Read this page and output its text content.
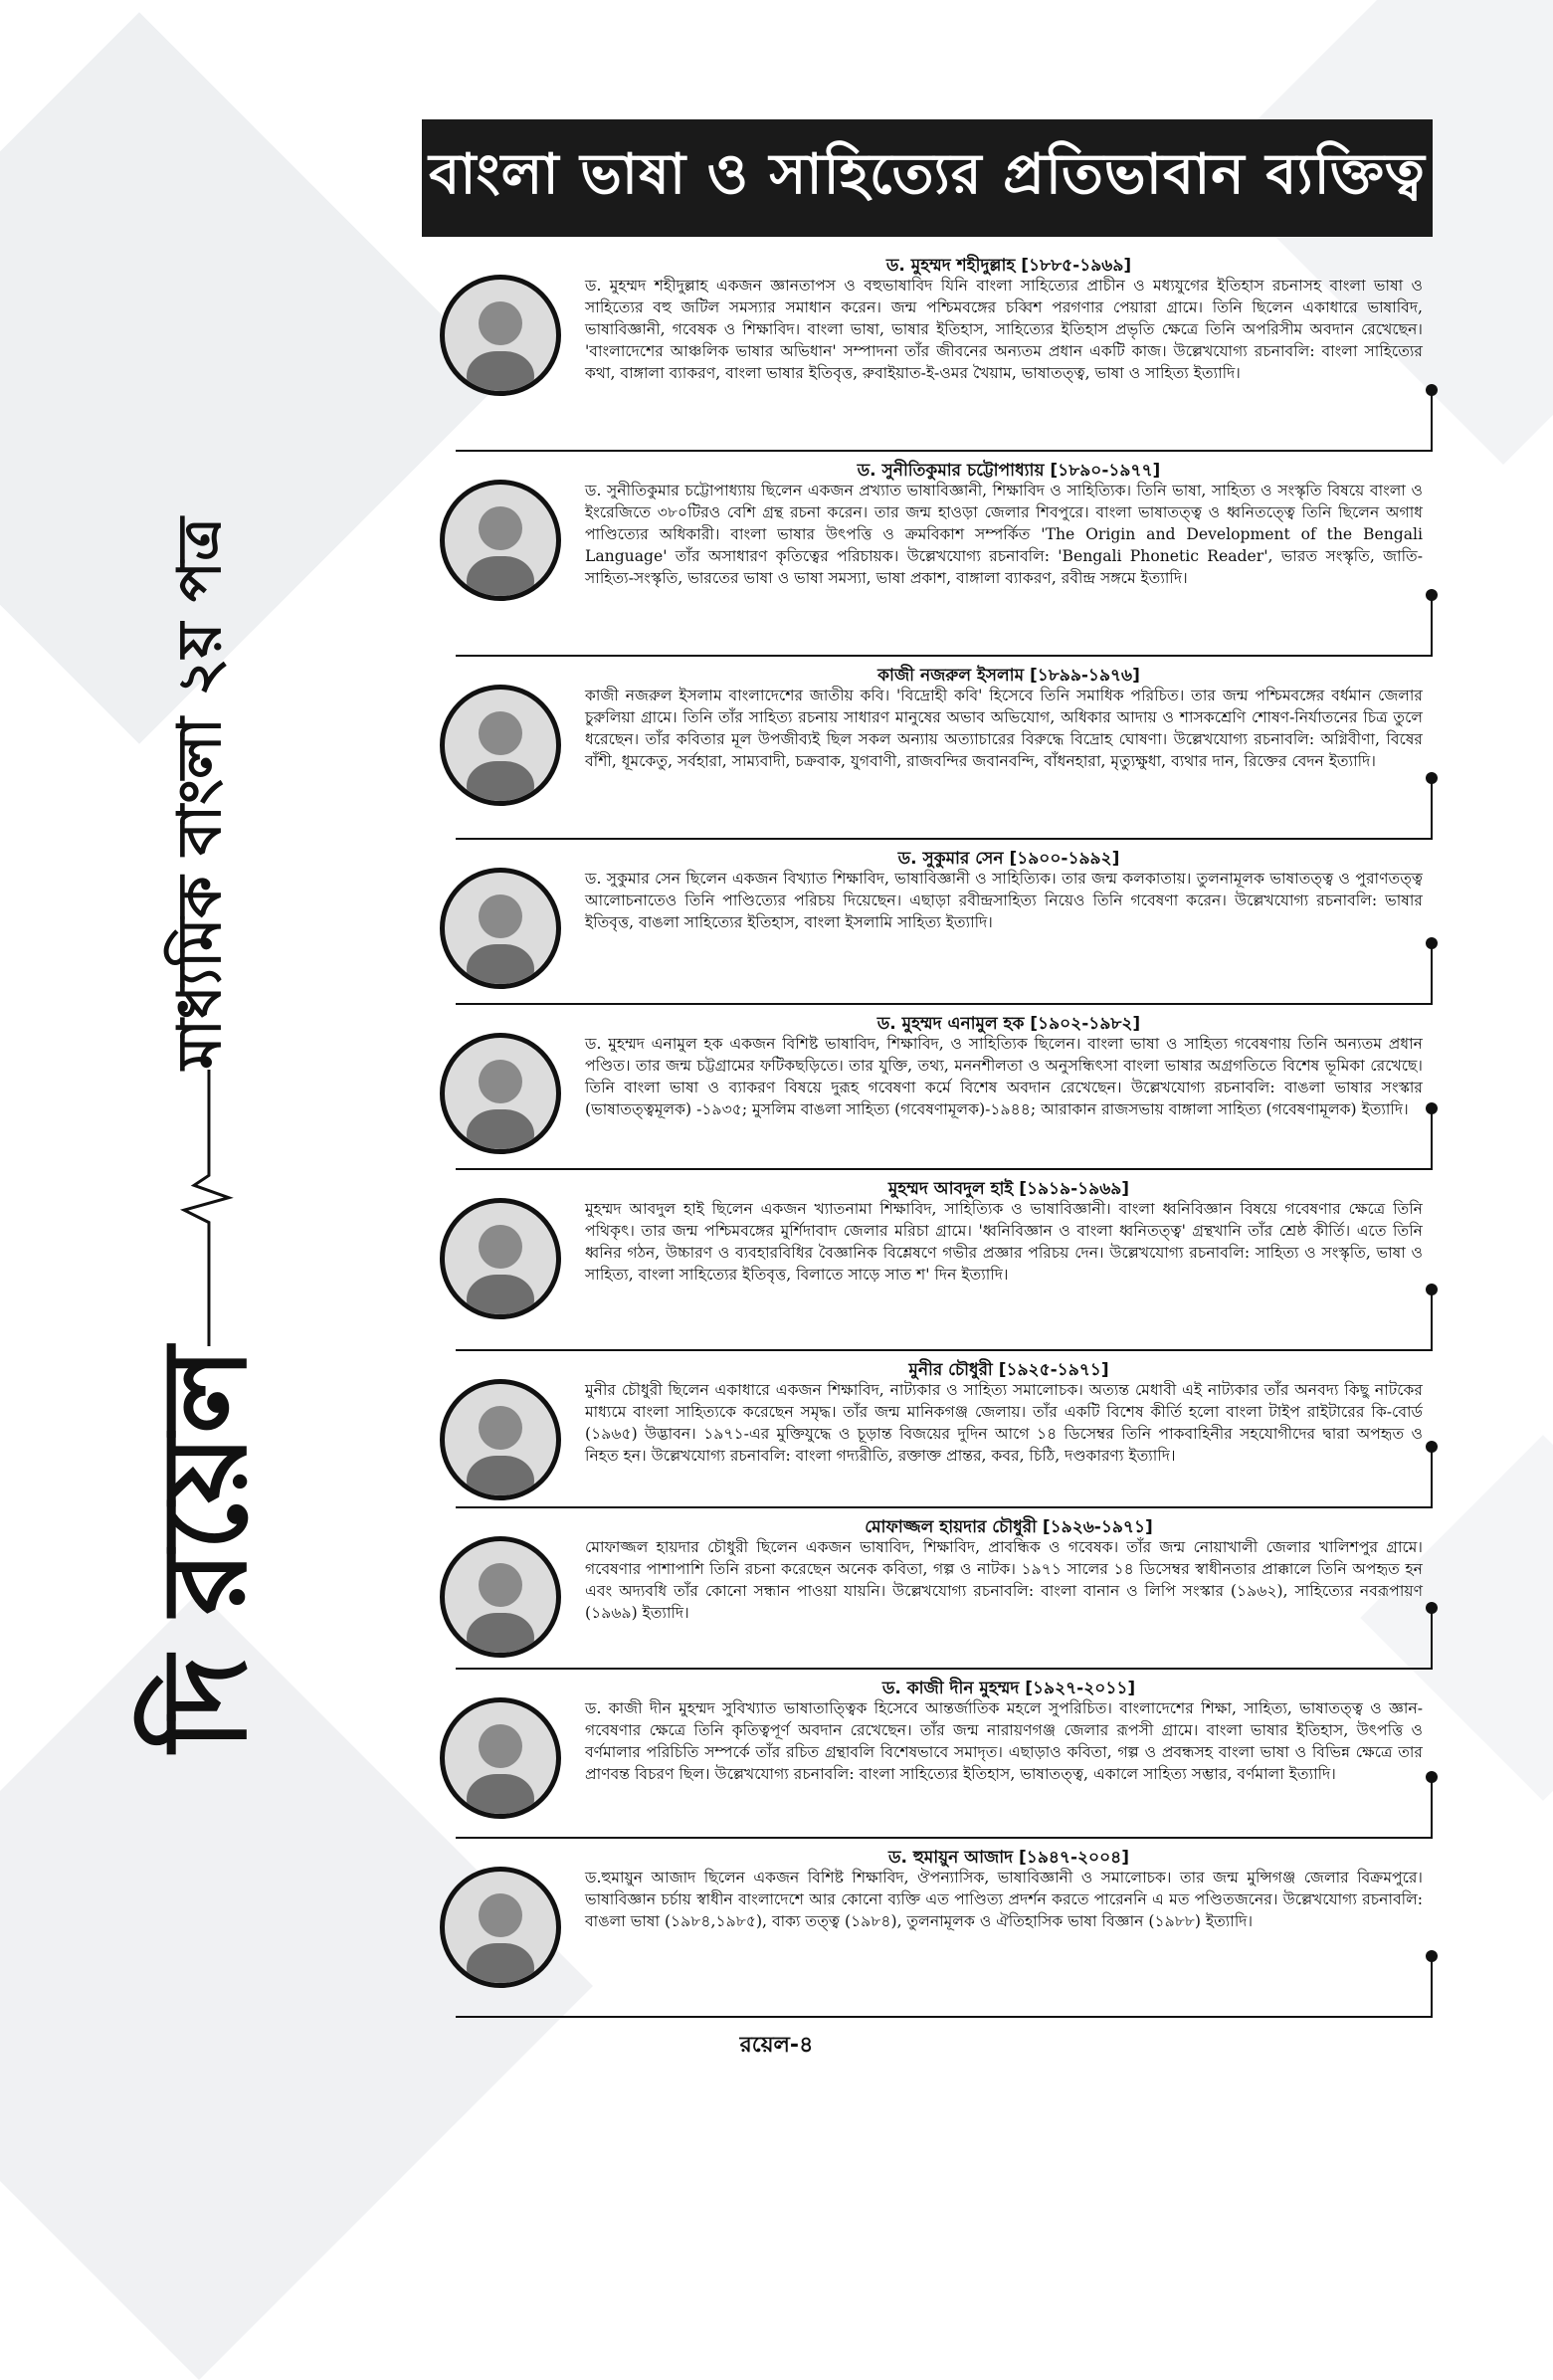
বাংলা ভাষা ও সাহিত্যের প্রতিভাবান ব্যক্তিত্ব
দি রয়েল
মাধ্যমিক বাংলা ২য় পত্র
ড. মুহম্মদ শহীদুল্লাহ [১৮৮৫-১৯৬৯]
ড. মুহম্মদ শহীদুল্লাহ একজন জ্ঞানতাপস ও বহুভাষাবিদ যিনি বাংলা সাহিত্যের প্রাচীন ও মধ্যযুগের ইতিহাস রচনাসহ বাংলা ভাষা ও সাহিত্যের বহু জটিল সমস্যার সমাধান করেন। জন্ম পশ্চিমবঙ্গের চব্বিশ পরগণার পেয়ারা গ্রামে। তিনি ছিলেন একাধারে ভাষাবিদ, ভাষাবিজ্ঞানী, গবেষক ও শিক্ষাবিদ। বাংলা ভাষা, ভাষার ইতিহাস, সাহিত্যের ইতিহাস প্রভৃতি ক্ষেত্রে তিনি অপরিসীম অবদান রেখেছেন। 'বাংলাদেশের আঞ্চলিক ভাষার অভিধান' সম্পাদনা তাঁর জীবনের অন্যতম প্রধান একটি কাজ। উল্লেখযোগ্য রচনাবলি: বাংলা সাহিত্যের কথা, বাঙ্গালা ব্যাকরণ, বাংলা ভাষার ইতিবৃত্ত, রুবাইয়াত-ই-ওমর খৈয়াম, ভাষাতত্ত্ব, ভাষা ও সাহিত্য ইত্যাদি।
ড. সুনীতিকুমার চট্টোপাধ্যায় [১৮৯০-১৯৭৭]
ড. সুনীতিকুমার চট্টোপাধ্যায় ছিলেন একজন প্রখ্যাত ভাষাবিজ্ঞানী, শিক্ষাবিদ ও সাহিত্যিক। তিনি ভাষা, সাহিত্য ও সংস্কৃতি বিষয়ে বাংলা ও ইংরেজিতে ৩৮০টিরও বেশি গ্রন্থ রচনা করেন। তার জন্ম হাওড়া জেলার শিবপুরে। বাংলা ভাষাতত্ত্ব ও ধ্বনিতত্ত্বে তিনি ছিলেন অগাধ পাণ্ডিত্যের অধিকারী। বাংলা ভাষার উৎপত্তি ও ক্রমবিকাশ সম্পর্কিত 'The Origin and Development of the Bengali Language' তাঁর অসাধারণ কৃতিত্বের পরিচায়ক। উল্লেখযোগ্য রচনাবলি: 'Bengali Phonetic Reader', ভারত সংস্কৃতি, জাতি-সাহিত্য-সংস্কৃতি, ভারতের ভাষা ও ভাষা সমস্যা, ভাষা প্রকাশ, বাঙ্গালা ব্যাকরণ, রবীন্দ্র সঙ্গমে ইত্যাদি।
কাজী নজরুল ইসলাম [১৮৯৯-১৯৭৬]
কাজী নজরুল ইসলাম বাংলাদেশের জাতীয় কবি। 'বিদ্রোহী কবি' হিসেবে তিনি সমাধিক পরিচিত। তার জন্ম পশ্চিমবঙ্গের বর্ধমান জেলার চুরুলিয়া গ্রামে। তিনি তাঁর সাহিত্য রচনায় সাধারণ মানুষের অভাব অভিযোগ, অধিকার আদায় ও শাসকশ্রেণি শোষণ-নির্যাতনের চিত্র তুলে ধরেছেন। তাঁর কবিতার মূল উপজীব্যই ছিল সকল অন্যায় অত্যাচারের বিরুদ্ধে বিদ্রোহ ঘোষণা। উল্লেখযোগ্য রচনাবলি: অগ্নিবীণা, বিষের বাঁশী, ধূমকেতু, সর্বহারা, সাম্যবাদী, চক্রবাক, যুগবাণী, রাজবন্দির জবানবন্দি, বাঁধনহারা, মৃত্যুক্ষুধা, ব্যথার দান, রিক্তের বেদন ইত্যাদি।
ড. সুকুমার সেন [১৯০০-১৯৯২]
ড. সুকুমার সেন ছিলেন একজন বিখ্যাত শিক্ষাবিদ, ভাষাবিজ্ঞানী ও সাহিত্যিক। তার জন্ম কলকাতায়। তুলনামূলক ভাষাতত্ত্ব ও পুরাণতত্ত্ব আলোচনাতেও তিনি পাণ্ডিত্যের পরিচয় দিয়েছেন। এছাড়া রবীন্দ্রসাহিত্য নিয়েও তিনি গবেষণা করেন। উল্লেখযোগ্য রচনাবলি: ভাষার ইতিবৃত্ত, বাঙলা সাহিত্যের ইতিহাস, বাংলা ইসলামি সাহিত্য ইত্যাদি।
ড. মুহম্মদ এনামুল হক [১৯০২-১৯৮২]
ড. মুহম্মদ এনামুল হক একজন বিশিষ্ট ভাষাবিদ, শিক্ষাবিদ, ও সাহিত্যিক ছিলেন। বাংলা ভাষা ও সাহিত্য গবেষণায় তিনি অন্যতম প্রধান পণ্ডিত। তার জন্ম চট্টগ্রামের ফটিকছড়িতে। তার যুক্তি, তথ্য, মননশীলতা ও অনুসন্ধিৎসা বাংলা ভাষার অগ্রগতিতে বিশেষ ভূমিকা রেখেছে। তিনি বাংলা ভাষা ও ব্যাকরণ বিষয়ে দুরূহ গবেষণা কর্মে বিশেষ অবদান রেখেছেন। উল্লেখযোগ্য রচনাবলি: বাঙলা ভাষার সংস্কার (ভাষাতত্ত্বমূলক) -১৯৩৫; মুসলিম বাঙলা সাহিত্য (গবেষণামূলক)-১৯৪৪; আরাকান রাজসভায় বাঙ্গালা সাহিত্য (গবেষণামূলক) ইত্যাদি।
মুহম্মদ আবদুল হাই [১৯১৯-১৯৬৯]
মুহম্মদ আবদুল হাই ছিলেন একজন খ্যাতনামা শিক্ষাবিদ, সাহিত্যিক ও ভাষাবিজ্ঞানী। বাংলা ধ্বনিবিজ্ঞান বিষয়ে গবেষণার ক্ষেত্রে তিনি পথিকৃৎ। তার জন্ম পশ্চিমবঙ্গের মুর্শিদাবাদ জেলার মরিচা গ্রামে। 'ধ্বনিবিজ্ঞান ও বাংলা ধ্বনিতত্ত্ব' গ্রন্থখানি তাঁর শ্রেষ্ঠ কীর্তি। এতে তিনি ধ্বনির গঠন, উচ্চারণ ও ব্যবহারবিধির বৈজ্ঞানিক বিশ্লেষণে গভীর প্রজ্ঞার পরিচয় দেন। উল্লেখযোগ্য রচনাবলি: সাহিত্য ও সংস্কৃতি, ভাষা ও সাহিত্য, বাংলা সাহিত্যের ইতিবৃত্ত, বিলাতে সাড়ে সাত শ' দিন ইত্যাদি।
মুনীর চৌধুরী [১৯২৫-১৯৭১]
মুনীর চৌধুরী ছিলেন একাধারে একজন শিক্ষাবিদ, নাট্যকার ও সাহিত্য সমালোচক। অত্যন্ত মেধাবী এই নাট্যকার তাঁর অনবদ্য কিছু নাটকের মাধ্যমে বাংলা সাহিত্যকে করেছেন সমৃদ্ধ। তাঁর জন্ম মানিকগঞ্জ জেলায়। তাঁর একটি বিশেষ কীর্তি হলো বাংলা টাইপ রাইটারের কি-বোর্ড (১৯৬৫) উদ্ভাবন। ১৯৭১-এর মুক্তিযুদ্ধে ও চূড়ান্ত বিজয়ের দুদিন আগে ১৪ ডিসেম্বর তিনি পাকবাহিনীর সহযোগীদের দ্বারা অপহৃত ও নিহত হন। উল্লেখযোগ্য রচনাবলি: বাংলা গদ্যরীতি, রক্তাক্ত প্রান্তর, কবর, চিঠি, দণ্ডকারণ্য ইত্যাদি।
মোফাজ্জল হায়দার চৌধুরী [১৯২৬-১৯৭১]
মোফাজ্জল হায়দার চৌধুরী ছিলেন একজন ভাষাবিদ, শিক্ষাবিদ, প্রাবন্ধিক ও গবেষক। তাঁর জন্ম নোয়াখালী জেলার খালিশপুর গ্রামে। গবেষণার পাশাপাশি তিনি রচনা করেছেন অনেক কবিতা, গল্প ও নাটক। ১৯৭১ সালের ১৪ ডিসেম্বর স্বাধীনতার প্রাক্কালে তিনি অপহৃত হন এবং অদ্যবধি তাঁর কোনো সন্ধান পাওয়া যায়নি। উল্লেখযোগ্য রচনাবলি: বাংলা বানান ও লিপি সংস্কার (১৯৬২), সাহিত্যের নবরূপায়ণ (১৯৬৯) ইত্যাদি।
ড. কাজী দীন মুহম্মদ [১৯২৭-২০১১]
ড. কাজী দীন মুহম্মদ সুবিখ্যাত ভাষাতাত্ত্বিক হিসেবে আন্তর্জাতিক মহলে সুপরিচিত। বাংলাদেশের শিক্ষা, সাহিত্য, ভাষাতত্ত্ব ও জ্ঞান-গবেষণার ক্ষেত্রে তিনি কৃতিত্বপূর্ণ অবদান রেখেছেন। তাঁর জন্ম নারায়ণগঞ্জ জেলার রূপসী গ্রামে। বাংলা ভাষার ইতিহাস, উৎপত্তি ও বর্ণমালার পরিচিতি সম্পর্কে তাঁর রচিত গ্রন্থাবলি বিশেষভাবে সমাদৃত। এছাড়াও কবিতা, গল্প ও প্রবন্ধসহ বাংলা ভাষা ও বিভিন্ন ক্ষেত্রে তার প্রাণবন্ত বিচরণ ছিল। উল্লেখযোগ্য রচনাবলি: বাংলা সাহিত্যের ইতিহাস, ভাষাতত্ত্ব, একালে সাহিত্য সম্ভার, বর্ণমালা ইত্যাদি।
ড. হুমায়ুন আজাদ [১৯৪৭-২০০৪]
ড.হুমায়ুন আজাদ ছিলেন একজন বিশিষ্ট শিক্ষাবিদ, ঔপন্যাসিক, ভাষাবিজ্ঞানী ও সমালোচক। তার জন্ম মুন্সিগঞ্জ জেলার বিক্রমপুরে। ভাষাবিজ্ঞান চর্চায় স্বাধীন বাংলাদেশে আর কোনো ব্যক্তি এত পাণ্ডিত্য প্রদর্শন করতে পারেননি এ মত পণ্ডিতজনের। উল্লেখযোগ্য রচনাবলি: বাঙলা ভাষা (১৯৮৪,১৯৮৫), বাক্য তত্ত্ব (১৯৮৪), তুলনামূলক ও ঐতিহাসিক ভাষা বিজ্ঞান (১৯৮৮) ইত্যাদি।
রয়েল-৪
